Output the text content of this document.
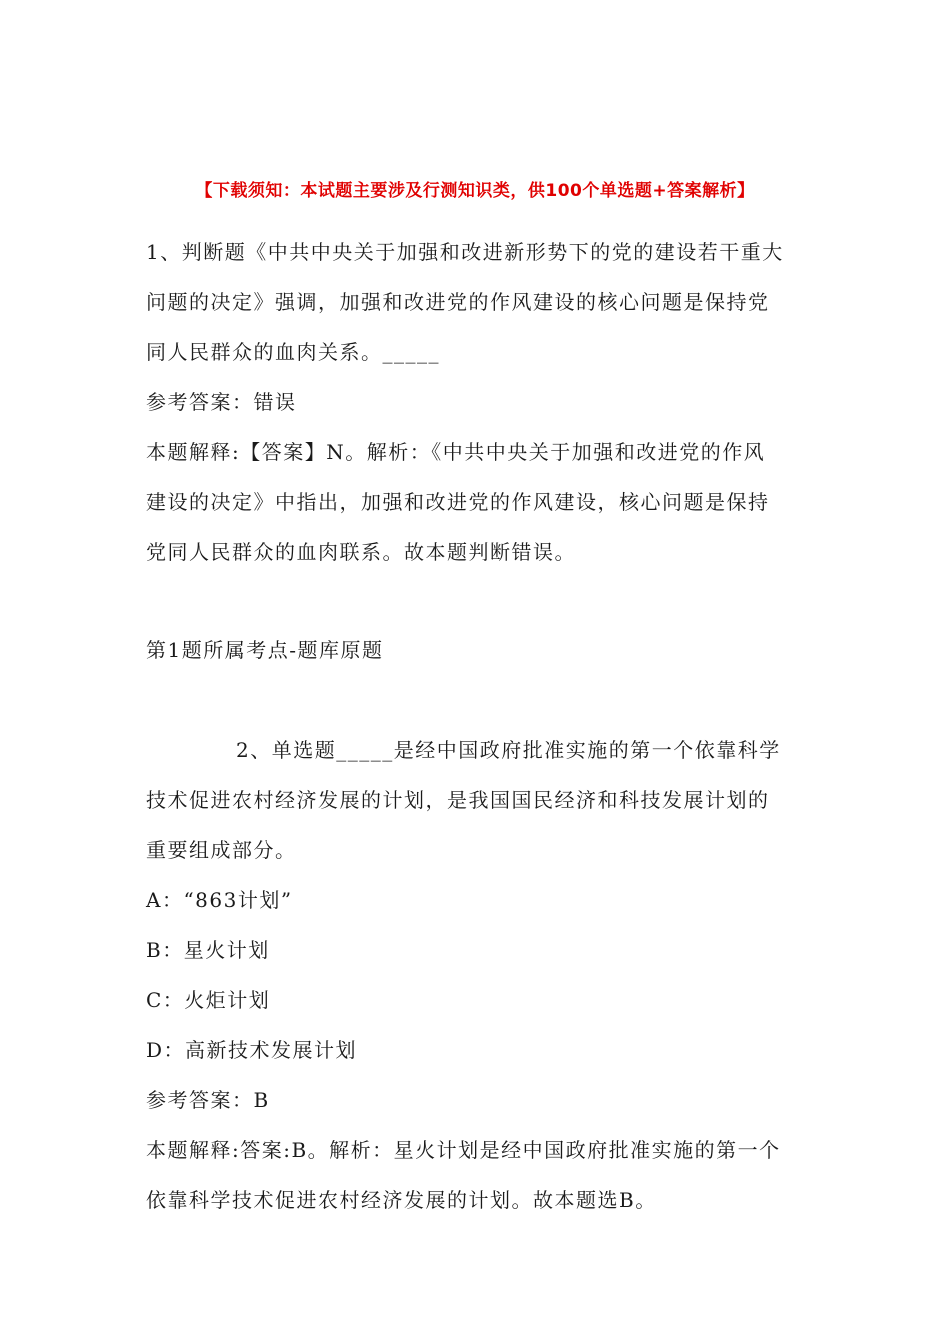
【下载须知：本试题主要涉及行测知识类，供100个单选题+答案解析】
1、判断题《中共中央关于加强和改进新形势下的党的建设若干重大
问题的决定》强调，加强和改进党的作风建设的核心问题是保持党
同人民群众的血肉关系。_____
参考答案：错误
本题解释:【答案】N。解析：《中共中央关于加强和改进党的作风
建设的决定》中指出，加强和改进党的作风建设，核心问题是保持
党同人民群众的血肉联系。故本题判断错误。
第1题所属考点-题库原题
2、单选题_____是经中国政府批准实施的第一个依靠科学
技术促进农村经济发展的计划，是我国国民经济和科技发展计划的
重要组成部分。
A：“863计划”
B：星火计划
C：火炬计划
D：高新技术发展计划
参考答案：B
本题解释:答案:B。解析：星火计划是经中国政府批准实施的第一个
依靠科学技术促进农村经济发展的计划。故本题选B。
